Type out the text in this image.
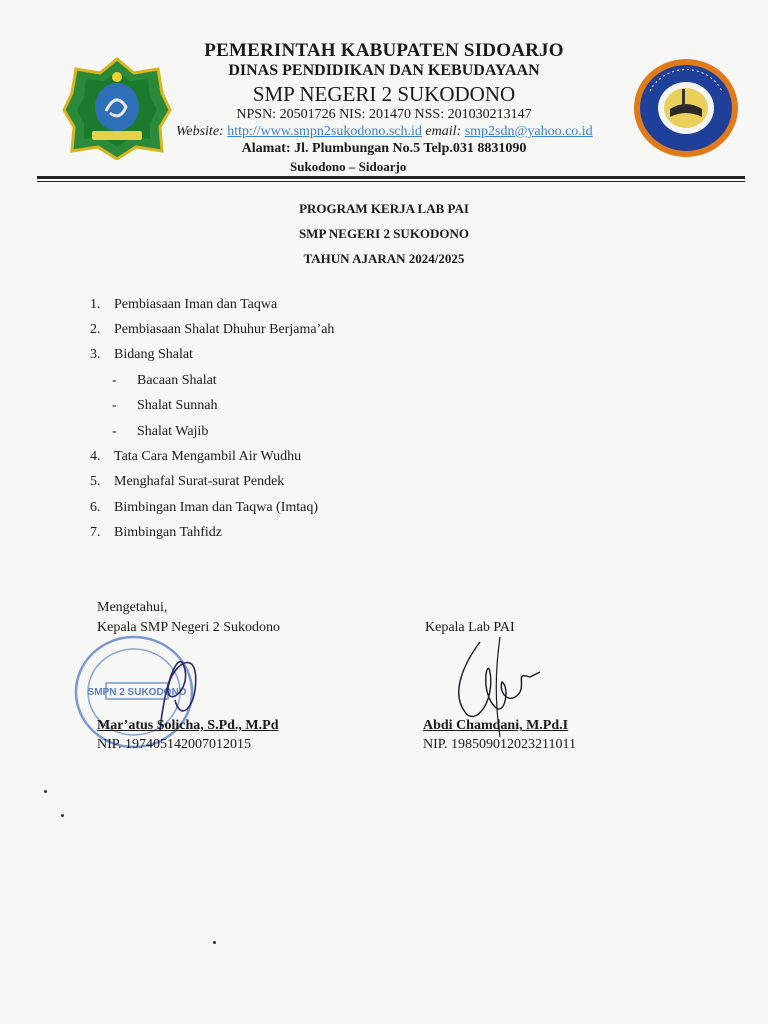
PEMERINTAH KABUPATEN SIDOARJO
DINAS PENDIDIKAN DAN KEBUDAYAAN
SMP NEGERI 2 SUKODONO
NPSN: 20501726 NIS: 201470 NSS: 201030213147
Website: http://www.smpn2sukodono.sch.id email: smp2sdn@yahoo.co.id
Alamat: Jl. Plumbungan No.5 Telp.031 8831090
Sukodono – Sidoarjo
PROGRAM KERJA LAB PAI
SMP NEGERI 2 SUKODONO
TAHUN AJARAN 2024/2025
1. Pembiasaan Iman dan Taqwa
2. Pembiasaan Shalat Dhuhur Berjama’ah
3. Bidang Shalat
- Bacaan Shalat
- Shalat Sunnah
- Shalat Wajib
4. Tata Cara Mengambil Air Wudhu
5. Menghafal Surat-surat Pendek
6. Bimbingan Iman dan Taqwa (Imtaq)
7. Bimbingan Tahfidz
Mengetahui,
Kepala SMP Negeri 2 Sukodono
SMPN 2 SUKODONO
Mar’atus Solicha, S.Pd., M.Pd
NIP. 197405142007012015
Kepala Lab PAI
Abdi Chamdani, M.Pd.I
NIP. 198509012023211011
